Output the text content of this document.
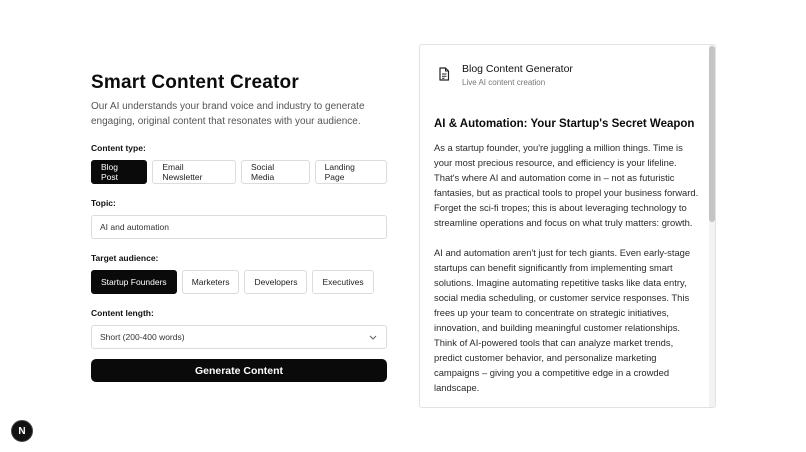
Smart Content Creator
Our AI understands your brand voice and industry to generate engaging, original content that resonates with your audience.
Content type:
Blog Post
Email Newsletter
Social Media
Landing Page
Topic:
AI and automation
Target audience:
Startup Founders	Marketers	Developers	Executives
Content length:
Short (200-400 words)
Generate Content
Blog Content Generator
Live AI content creation
AI & Automation: Your Startup's Secret Weapon

As a startup founder, you're juggling a million things. Time is your most precious resource, and efficiency is your lifeline. That's where AI and automation come in – not as futuristic fantasies, but as practical tools to propel your business forward. Forget the sci-fi tropes; this is about leveraging technology to streamline operations and focus on what truly matters: growth.

AI and automation aren't just for tech giants. Even early-stage startups can benefit significantly from implementing smart solutions. Imagine automating repetitive tasks like data entry, social media scheduling, or customer service responses. This frees up your team to concentrate on strategic initiatives, innovation, and building meaningful customer relationships. Think of AI-powered tools that can analyze market trends, predict customer behavior, and personalize marketing campaigns – giving you a competitive edge in a crowded landscape.

N
